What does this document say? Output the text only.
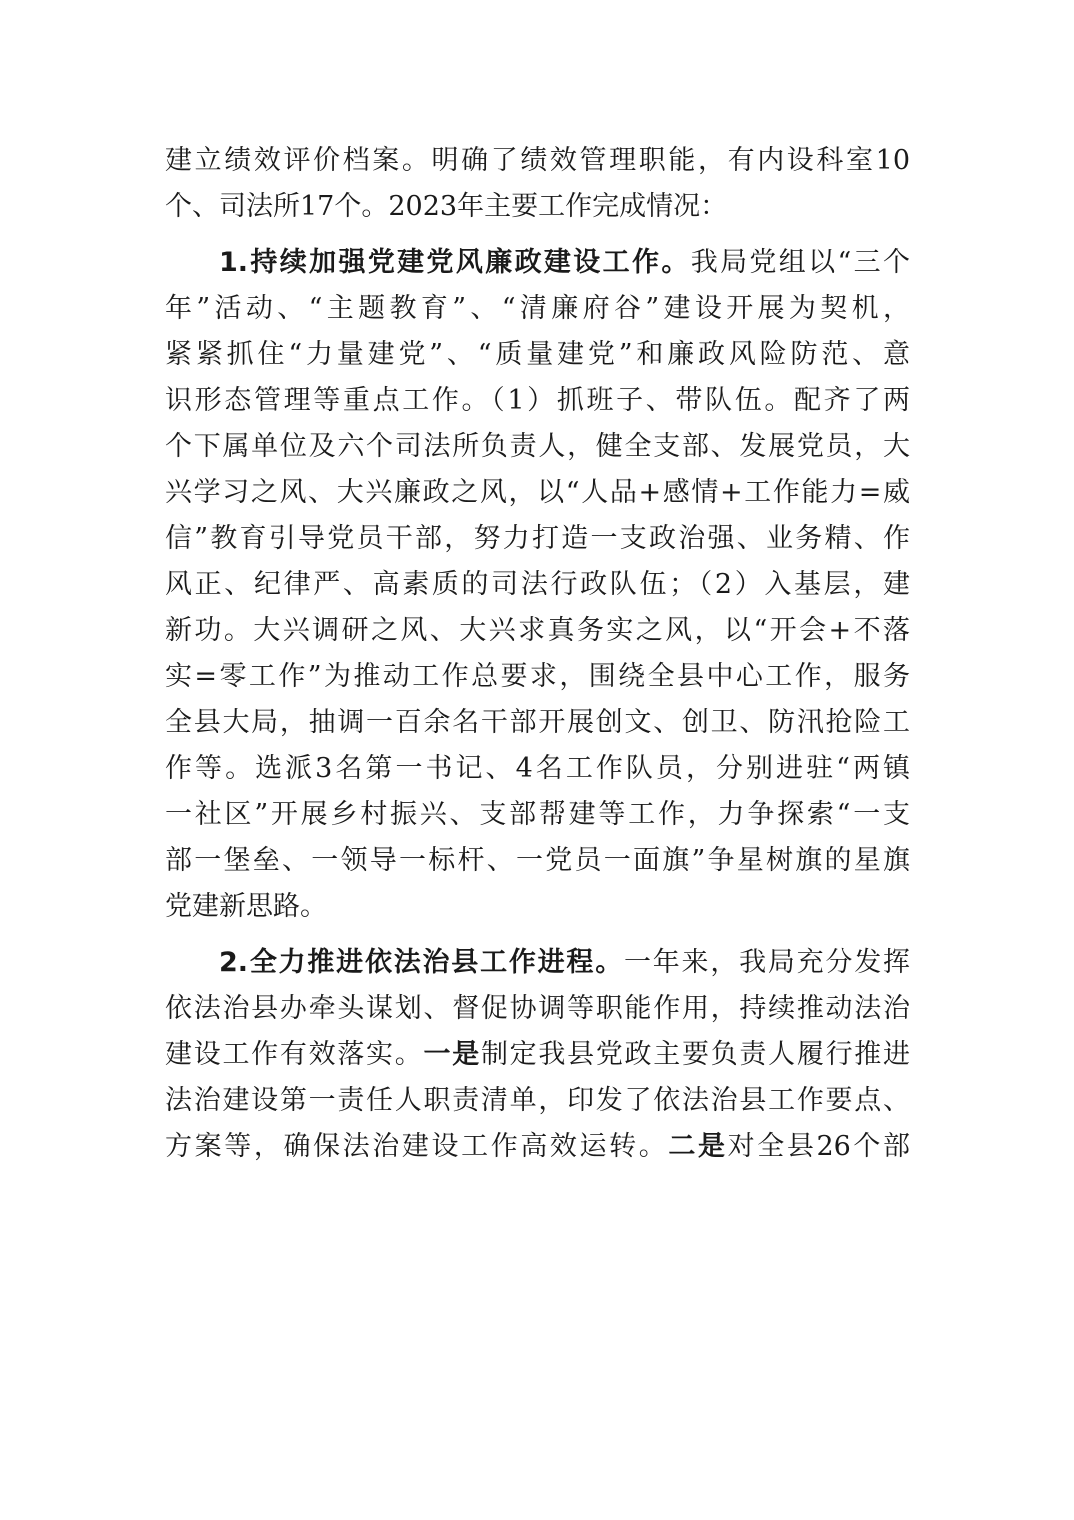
建立绩效评价档案。明确了绩效管理职能，有内设科室10
个、司法所17个。2023年主要工作完成情况：
1.持续加强党建党风廉政建设工作。我局党组以“三个
年”活动、“主题教育”、“清廉府谷”建设开展为契机，
紧紧抓住“力量建党”、“质量建党”和廉政风险防范、意
识形态管理等重点工作。（1）抓班子、带队伍。配齐了两
个下属单位及六个司法所负责人，健全支部、发展党员，大
兴学习之风、大兴廉政之风，以“人品+感情+工作能力=威
信”教育引导党员干部，努力打造一支政治强、业务精、作
风正、纪律严、高素质的司法行政队伍；（2）入基层，建
新功。大兴调研之风、大兴求真务实之风，以“开会+不落
实=零工作”为推动工作总要求，围绕全县中心工作，服务
全县大局，抽调一百余名干部开展创文、创卫、防汛抢险工
作等。选派3名第一书记、4名工作队员，分别进驻“两镇
一社区”开展乡村振兴、支部帮建等工作，力争探索“一支
部一堡垒、一领导一标杆、一党员一面旗”争星树旗的星旗
党建新思路。
2.全力推进依法治县工作进程。一年来，我局充分发挥
依法治县办牵头谋划、督促协调等职能作用，持续推动法治
建设工作有效落实。一是制定我县党政主要负责人履行推进
法治建设第一责任人职责清单，印发了依法治县工作要点、
方案等，确保法治建设工作高效运转。二是对全县26个部
